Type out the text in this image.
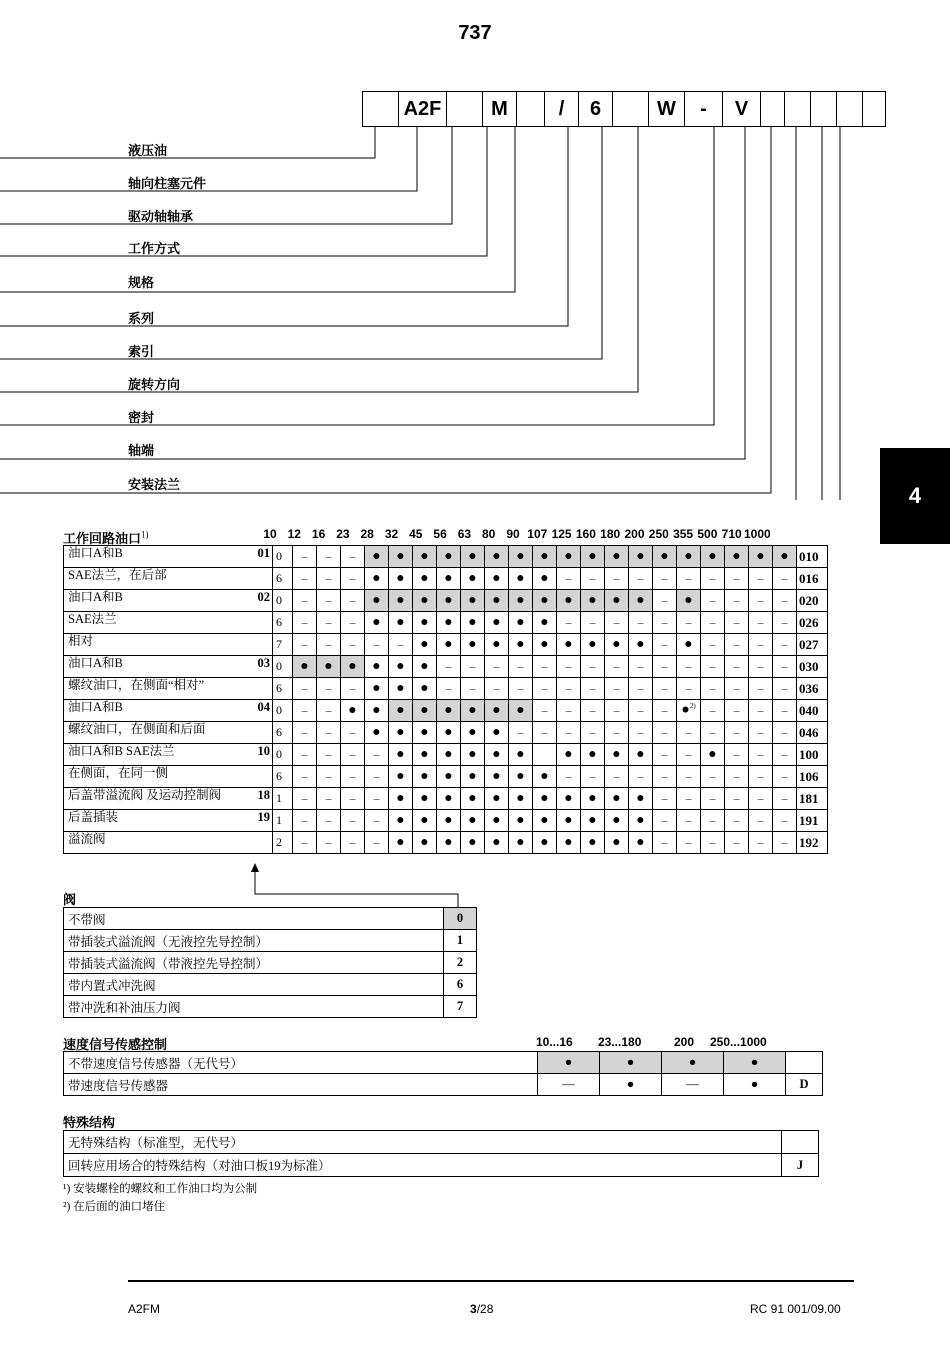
737
4
A2F	M	/	6	W	-	V
液压油
轴向柱塞元件
驱动轴轴承
工作方式
规格
系列
索引
旋转方向
密封
轴端
安装法兰
工作回路油口$^{1)}$	10 12 16 23 28 32 45 56 63 80 90 107 125 160 180 200 250 355 500 710 1000
油口A和B	01	0	–	–	–	●	●	●	●	●	●	●	●	●	●	●	●	●	●	●	●	●	●	010
SAE法兰，在后部		6	–	–	–	●	●	●	●	●	●	●	●	–	–	–	–	–	–	–	–	–	–	016
油口A和B	02	0	–	–	–	●	●	●	●	●	●	●	●	●	●	●	●	–	●	–	–	–	–	020
SAE法兰		6	–	–	–	●	●	●	●	●	●	●	●	–	–	–	–	–	–	–	–	–	–	026
相对		7	–	–	–	–	–	●	●	●	●	●	●	●	●	●	●	–	●	–	–	–	–	027
油口A和B	03	0	●	●	●	●	●	●	–	–	–	–	–	–	–	–	–	–	–	–	–	–	–	030
螺纹油口，在侧面“相对”		6	–	–	–	●	●	●	–	–	–	–	–	–	–	–	–	–	–	–	–	–	–	036
油口A和B	04	0	–	–	●	●	●	●	●	●	●	●	–	–	–	–	–	–	●$^{2)}$	–	–	–	–	040
螺纹油口，在侧面和后面		6	–	–	–	●	●	●	●	●	●	–	–	–	–	–	–	–	–	–	–	–	–	046
油口A和B SAE法兰	10	0	–	–	–	–	●	●	●	●	●	●		●	●	●	●	–	–	●	–	–	–	100
在侧面，在同一侧		6	–	–	–	–	●	●	●	●	●	●	●	–	–	–	–	–	–	–	–	–	–	106
后盖带溢流阀 及运动控制阀	18	1	–	–	–	–	●	●	●	●	●	●	●	●	●	●	●	–	–	–	–	–	–	181
后盖插装	19	1	–	–	–	–	●	●	●	●	●	●	●	●	●	●	●	–	–	–	–	–	–	191
溢流阀		2	–	–	–	–	●	●	●	●	●	●	●	●	●	●	●	–	–	–	–	–	–	192
阀
不带阀	0
带插装式溢流阀（无液控先导控制）	1
带插装式溢流阀（带液控先导控制）	2
带内置式冲洗阀	6
带冲洗和补油压力阀	7
速度信号传感控制	10...16 23...180	200 250...1000
不带速度信号传感器（无代号）	●	●	●	●	
带速度信号传感器	—	●	—	●	D
特殊结构
无特殊结构（标准型，无代号）	
回转应用场合的特殊结构（对油口板19为标准）	J
¹) 安装螺栓的螺纹和工作油口均为公制
²) 在后面的油口堵住
A2FM	3/28	RC 91 001/09.00
